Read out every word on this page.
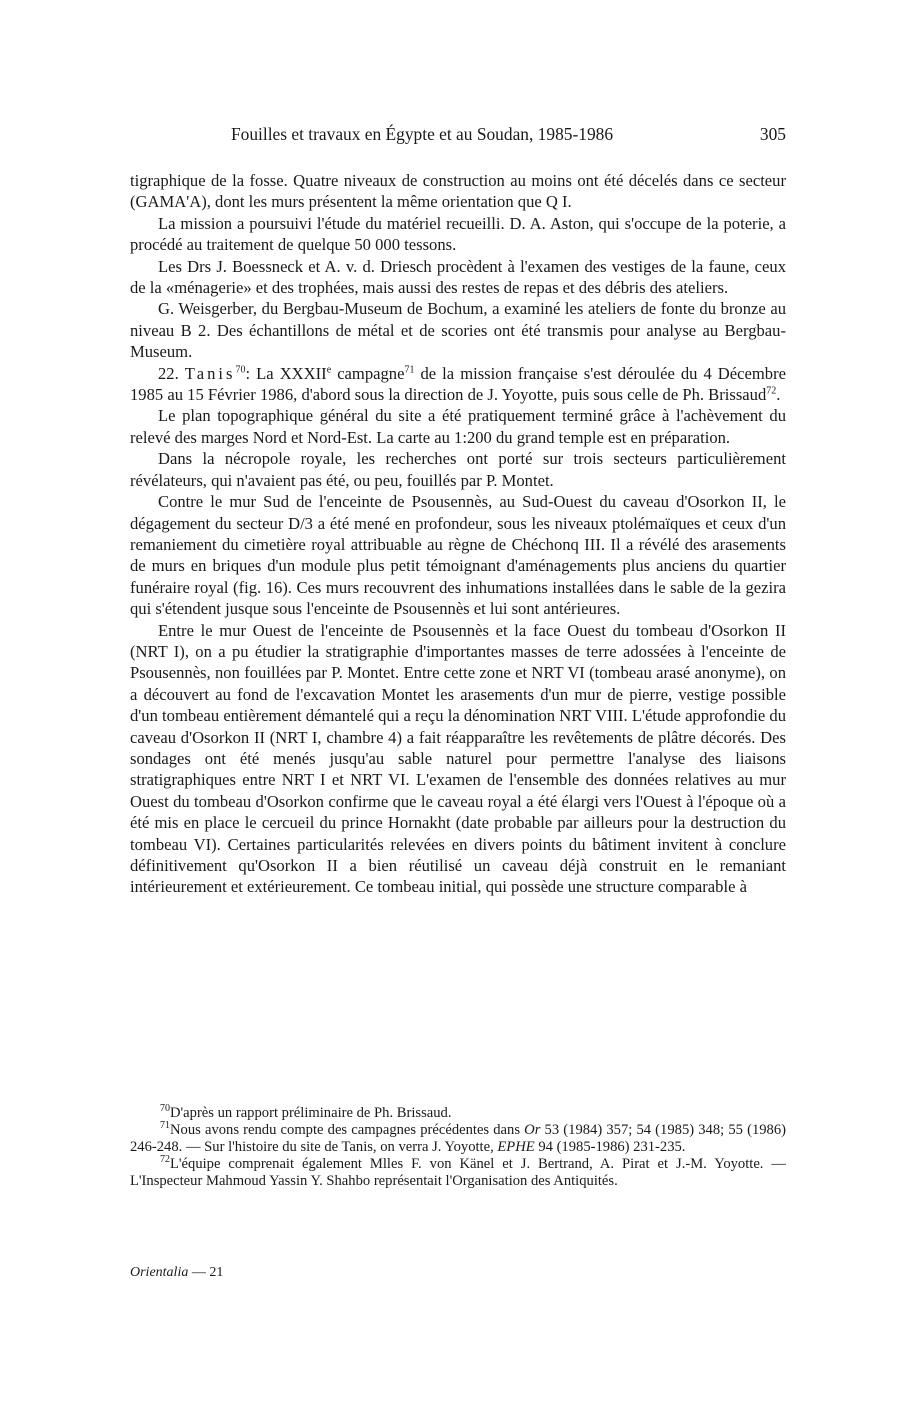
Fouilles et travaux en Égypte et au Soudan, 1985-1986	305

tigraphique de la fosse. Quatre niveaux de construction au moins ont été décelés dans ce secteur (GAMA'A), dont les murs présentent la même orientation que Q I.

La mission a poursuivi l'étude du matériel recueilli. D. A. Aston, qui s'occupe de la poterie, a procédé au traitement de quelque 50 000 tessons.

Les Drs J. Boessneck et A. v. d. Driesch procèdent à l'examen des vestiges de la faune, ceux de la «ménagerie» et des trophées, mais aussi des restes de repas et des débris des ateliers.

G. Weisgerber, du Bergbau-Museum de Bochum, a examiné les ateliers de fonte du bronze au niveau B 2. Des échantillons de métal et de scories ont été transmis pour analyse au Bergbau-Museum.

22. Tanis$^{70}$: La XXXIIe campagne$^{71}$ de la mission française s'est déroulée du 4 Décembre 1985 au 15 Février 1986, d'abord sous la direction de J. Yoyotte, puis sous celle de Ph. Brissaud$^{72}$.

Le plan topographique général du site a été pratiquement terminé grâce à l'achèvement du relevé des marges Nord et Nord-Est. La carte au 1:200 du grand temple est en préparation.

Dans la nécropole royale, les recherches ont porté sur trois secteurs particulièrement révélateurs, qui n'avaient pas été, ou peu, fouillés par P. Montet.

Contre le mur Sud de l'enceinte de Psousennès, au Sud-Ouest du caveau d'Osorkon II, le dégagement du secteur D/3 a été mené en profondeur, sous les niveaux ptolémaïques et ceux d'un remaniement du cimetière royal attribuable au règne de Chéchonq III. Il a révélé des arasements de murs en briques d'un module plus petit témoignant d'aménagements plus anciens du quartier funéraire royal (fig. 16). Ces murs recouvrent des inhumations installées dans le sable de la gezira qui s'étendent jusque sous l'enceinte de Psousennès et lui sont antérieures.

Entre le mur Ouest de l'enceinte de Psousennès et la face Ouest du tombeau d'Osorkon II (NRT I), on a pu étudier la stratigraphie d'importantes masses de terre adossées à l'enceinte de Psousennès, non fouillées par P. Montet. Entre cette zone et NRT VI (tombeau arasé anonyme), on a découvert au fond de l'excavation Montet les arasements d'un mur de pierre, vestige possible d'un tombeau entièrement démantelé qui a reçu la dénomination NRT VIII. L'étude approfondie du caveau d'Osorkon II (NRT I, chambre 4) a fait réapparaître les revêtements de plâtre décorés. Des sondages ont été menés jusqu'au sable naturel pour permettre l'analyse des liaisons stratigraphiques entre NRT I et NRT VI. L'examen de l'ensemble des données relatives au mur Ouest du tombeau d'Osorkon confirme que le caveau royal a été élargi vers l'Ouest à l'époque où a été mis en place le cercueil du prince Hornakht (date probable par ailleurs pour la destruction du tombeau VI). Certaines particularités relevées en divers points du bâtiment invitent à conclure définitivement qu'Osorkon II a bien réutilisé un caveau déjà construit en le remaniant intérieurement et extérieurement. Ce tombeau initial, qui possède une structure comparable à

$^{70}$D'après un rapport préliminaire de Ph. Brissaud.

$^{71}$Nous avons rendu compte des campagnes précédentes dans Or 53 (1984) 357; 54 (1985) 348; 55 (1986) 246-248. — Sur l'histoire du site de Tanis, on verra J. Yoyotte, EPHE 94 (1985-1986) 231-235.

$^{72}$L'équipe comprenait également Mlles F. von Känel et J. Bertrand, A. Pirat et J.-M. Yoyotte. — L'Inspecteur Mahmoud Yassin Y. Shahbo représentait l'Organisation des Antiquités.

Orientalia — 21
